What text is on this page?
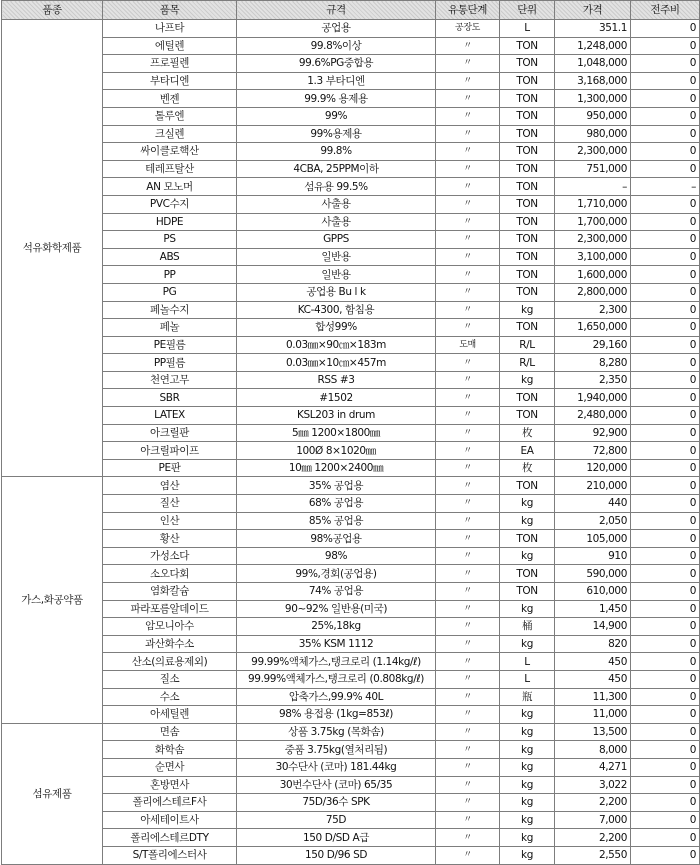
품종	품목	규격	유통단계	단위	가격	전주비
석유화학제품	나프타	공업용	공장도	L	351.1	0
	에틸렌	99.8%이상	〃	TON	1,248,000	0
	프로필렌	99.6%PG중합용	〃	TON	1,048,000	0
	부타디엔	1.3 부타디엔	〃	TON	3,168,000	0
	벤젠	99.9% 용제용	〃	TON	1,300,000	0
	톨루엔	99%	〃	TON	950,000	0
	크실렌	99%용제용	〃	TON	980,000	0
	싸이클로핵산	99.8%	〃	TON	2,300,000	0
	테레프탈산	4CBA, 25PPM이하	〃	TON	751,000	0
	AN 모노머	섬유용 99.5%	〃	TON	–	–
	PVC수지	사출용	〃	TON	1,710,000	0
	HDPE	사출용	〃	TON	1,700,000	0
	PS	GPPS	〃	TON	2,300,000	0
	ABS	일반용	〃	TON	3,100,000	0
	PP	일반용	〃	TON	1,600,000	0
	PG	공업용 Bu l k	〃	TON	2,800,000	0
	페놀수지	KC-4300, 함침용	〃	kg	2,300	0
	페놀	합성99%	〃	TON	1,650,000	0
	PE필름	0.03㎜×90㎝×183m	도매	R/L	29,160	0
	PP필름	0.03㎜×10㎝×457m	〃	R/L	8,280	0
	천연고무	RSS #3	〃	kg	2,350	0
	SBR	#1502	〃	TON	1,940,000	0
	LATEX	KSL203 in drum	〃	TON	2,480,000	0
	아크릴판	5㎜ 1200×1800㎜	〃	枚	92,900	0
	아크릴파이프	100Ø 8×1020㎜	〃	EA	72,800	0
	PE판	10㎜ 1200×2400㎜	〃	枚	120,000	0
가스,화공약품	염산	35% 공업용	〃	TON	210,000	0
	질산	68% 공업용	〃	kg	440	0
	인산	85% 공업용	〃	kg	2,050	0
	황산	98%공업용	〃	TON	105,000	0
	가성소다	98%	〃	kg	910	0
	소오다회	99%,경회(공업용)	〃	TON	590,000	0
	염화칼슘	74% 공업용	〃	TON	610,000	0
	파라포름알데이드	90~92% 일반용(미국)	〃	kg	1,450	0
	암모니아수	25%,18kg	〃	桶	14,900	0
	과산화수소	35% KSM 1112	〃	kg	820	0
	산소(의료용제외)	99.99%액체가스,탱크로리 (1.14kg/ℓ)	〃	L	450	0
	질소	99.99%액체가스,탱크로리 (0.808kg/ℓ)	〃	L	450	0
	수소	압축가스,99.9% 40L	〃	瓶	11,300	0
	아세틸렌	98% 용접용 (1kg=853ℓ)	〃	kg	11,000	0
섬유제품	면솜	상품 3.75kg (목화솜)	〃	kg	13,500	0
	화학솜	중품 3.75kg(열처리됨)	〃	kg	8,000	0
	순면사	30수단사 (코마) 181.44kg	〃	kg	4,271	0
	혼방면사	30번수단사 (코마) 65/35	〃	kg	3,022	0
	폴리에스테르F사	75D/36수 SPK	〃	kg	2,200	0
	아세테이트사	75D	〃	kg	7,000	0
	폴리에스테르DTY	150 D/SD A급	〃	kg	2,200	0
	S/T폴리에스터사	150 D/96 SD	〃	kg	2,550	0
